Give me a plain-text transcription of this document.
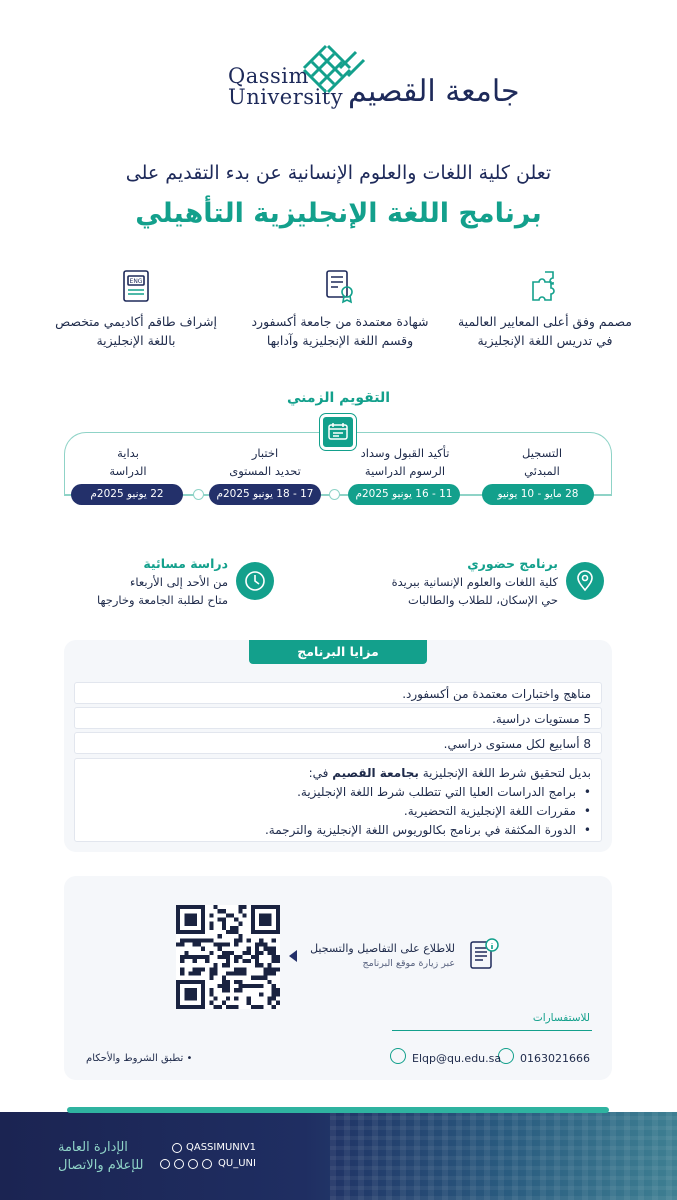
Qassim
University جامعة القصيم
تعلن كلية اللغات والعلوم الإنسانية عن بدء التقديم على
برنامج اللغة الإنجليزية التأهيلي
مصمم وفق أعلى المعايير العالمية في تدريس اللغة الإنجليزية
شهادة معتمدة من جامعة أكسفورد وقسم اللغة الإنجليزية وآدابها
ENG
إشراف طاقم أكاديمي متخصص باللغة الإنجليزية
التقويم الزمني
التسجيل
المبدئي
28 مايو - 10 يونيو 2025م
تأكيد القبول وسداد
الرسوم الدراسية
11 - 16 يونيو 2025م
اختبار
تحديد المستوى
17 - 18 يونيو 2025م
بداية
الدراسة
22 يونيو 2025م
برنامج حضوري
كلية اللغات والعلوم الإنسانية ببريدة
حي الإسكان، للطلاب والطالبات
دراسة مسائية
من الأحد إلى الأربعاء
متاح لطلبة الجامعة وخارجها
مزايا البرنامج
مناهج واختبارات معتمدة من أكسفورد.
5 مستويات دراسية.
8 أسابيع لكل مستوى دراسي.
بديل لتحقيق شرط اللغة الإنجليزية بجامعة القصيم في:
• برامج الدراسات العليا التي تتطلب شرط اللغة الإنجليزية.
• مقررات اللغة الإنجليزية التحضيرية.
• الدورة المكثفة في برنامج بكالوريوس اللغة الإنجليزية والترجمة.
للاطلاع على التفاصيل والتسجيل
عبر زيارة موقع البرنامج
للاستفسارات
0163021666
Elqp@qu.edu.sa
• تطبق الشروط والأحكام
الإدارة العامة
للإعلام والاتصال
QASSIMUNIV1
QU_UNI
